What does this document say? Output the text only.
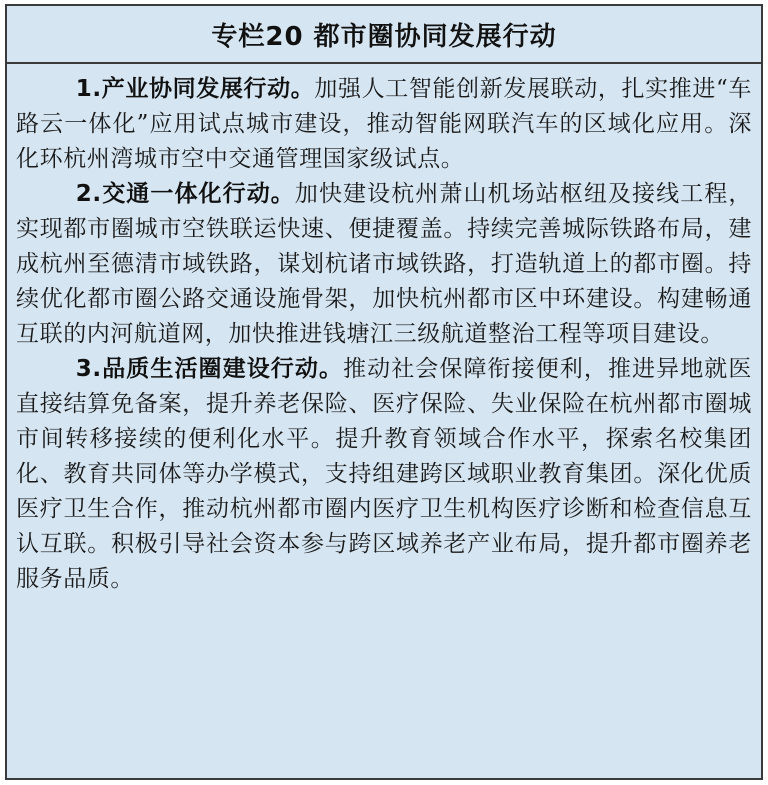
专栏20 都市圈协同发展行动

1.产业协同发展行动。加强人工智能创新发展联动，扎实推进“车路云一体化”应用试点城市建设，推动智能网联汽车的区域化应用。深化环杭州湾城市空中交通管理国家级试点。

2.交通一体化行动。加快建设杭州萧山机场站枢纽及接线工程，实现都市圈城市空铁联运快速、便捷覆盖。持续完善城际铁路布局，建成杭州至德清市域铁路，谋划杭诸市域铁路，打造轨道上的都市圈。持续优化都市圈公路交通设施骨架，加快杭州都市区中环建设。构建畅通互联的内河航道网，加快推进钱塘江三级航道整治工程等项目建设。

3.品质生活圈建设行动。推动社会保障衔接便利，推进异地就医直接结算免备案，提升养老保险、医疗保险、失业保险在杭州都市圈城市间转移接续的便利化水平。提升教育领域合作水平，探索名校集团化、教育共同体等办学模式，支持组建跨区域职业教育集团。深化优质医疗卫生合作，推动杭州都市圈内医疗卫生机构医疗诊断和检查信息互认互联。积极引导社会资本参与跨区域养老产业布局，提升都市圈养老服务品质。
